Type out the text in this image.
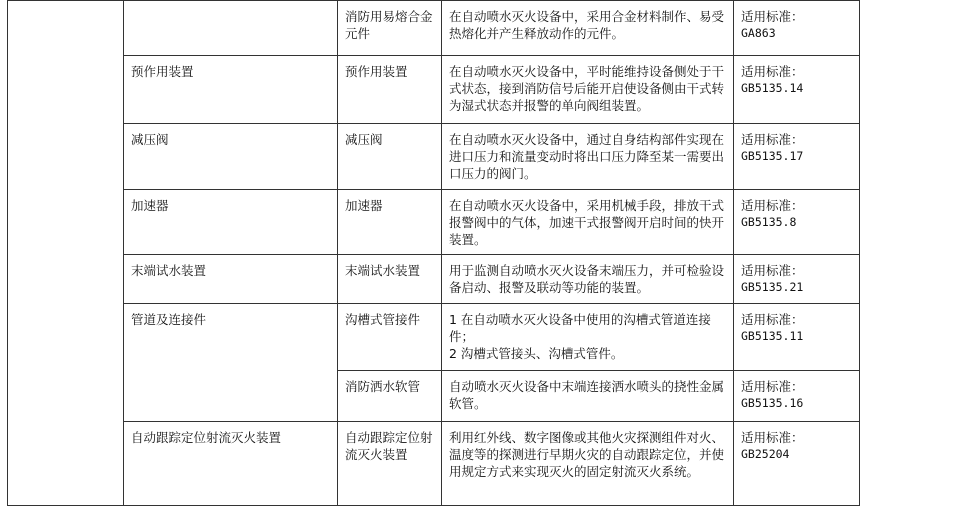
		消防用易熔合金元件	在自动喷水灭火设备中，采用合金材料制作、易受热熔化并产生释放动作的元件。	适用标准：
GA863

	预作用装置	预作用装置	在自动喷水灭火设备中，平时能维持设备侧处于干式状态，接到消防信号后能开启使设备侧由干式转为湿式状态并报警的单向阀组装置。	适用标准：
GB5135.14

	减压阀	减压阀	在自动喷水灭火设备中，通过自身结构部件实现在进口压力和流量变动时将出口压力降至某一需要出口压力的阀门。	适用标准：
GB5135.17

	加速器	加速器	在自动喷水灭火设备中，采用机械手段，排放干式报警阀中的气体，加速干式报警阀开启时间的快开装置。	适用标准：
GB5135.8

	末端试水装置	末端试水装置	用于监测自动喷水灭火设备末端压力，并可检验设备启动、报警及联动等功能的装置。	适用标准：
GB5135.21

	管道及连接件	沟槽式管接件	1 在自动喷水灭火设备中使用的沟槽式管道连接件；
2 沟槽式管接头、沟槽式管件。	适用标准：
GB5135.11

		消防洒水软管	自动喷水灭火设备中末端连接洒水喷头的挠性金属软管。	适用标准：
GB5135.16

	自动跟踪定位射流灭火装置	自动跟踪定位射流灭火装置	利用红外线、数字图像或其他火灾探测组件对火、温度等的探测进行早期火灾的自动跟踪定位，并使用规定方式来实现灭火的固定射流灭火系统。	适用标准：
GB25204
